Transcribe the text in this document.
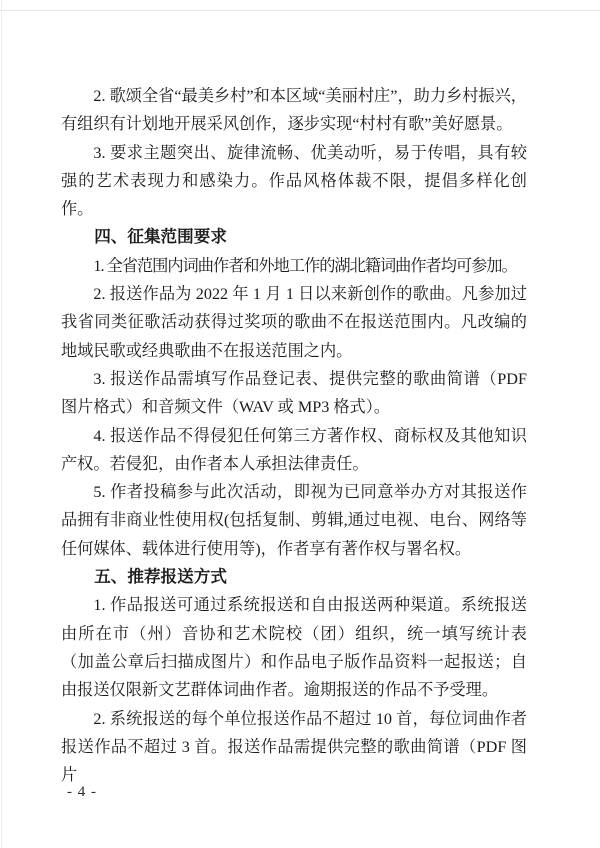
2. 歌颂全省“最美乡村”和本区域“美丽村庄”，助力乡村振兴，有组织有计划地开展采风创作，逐步实现“村村有歌”美好愿景。

3. 要求主题突出、旋律流畅、优美动听，易于传唱，具有较强的艺术表现力和感染力。作品风格体裁不限，提倡多样化创作。

四、征集范围要求

1. 全省范围内词曲作者和外地工作的湖北籍词曲作者均可参加。

2. 报送作品为 2022 年 1 月 1 日以来新创作的歌曲。凡参加过我省同类征歌活动获得过奖项的歌曲不在报送范围内。凡改编的地域民歌或经典歌曲不在报送范围之内。

3. 报送作品需填写作品登记表、提供完整的歌曲简谱（PDF 图片格式）和音频文件（WAV 或 MP3 格式）。

4. 报送作品不得侵犯任何第三方著作权、商标权及其他知识产权。若侵犯，由作者本人承担法律责任。

5. 作者投稿参与此次活动，即视为已同意举办方对其报送作品拥有非商业性使用权(包括复制、剪辑,通过电视、电台、网络等任何媒体、载体进行使用等)，作者享有著作权与署名权。

五、推荐报送方式

1. 作品报送可通过系统报送和自由报送两种渠道。系统报送由所在市（州）音协和艺术院校（团）组织，统一填写统计表（加盖公章后扫描成图片）和作品电子版作品资料一起报送；自由报送仅限新文艺群体词曲作者。逾期报送的作品不予受理。

2. 系统报送的每个单位报送作品不超过 10 首，每位词曲作者报送作品不超过 3 首。报送作品需提供完整的歌曲简谱（PDF 图片

- 4 -
